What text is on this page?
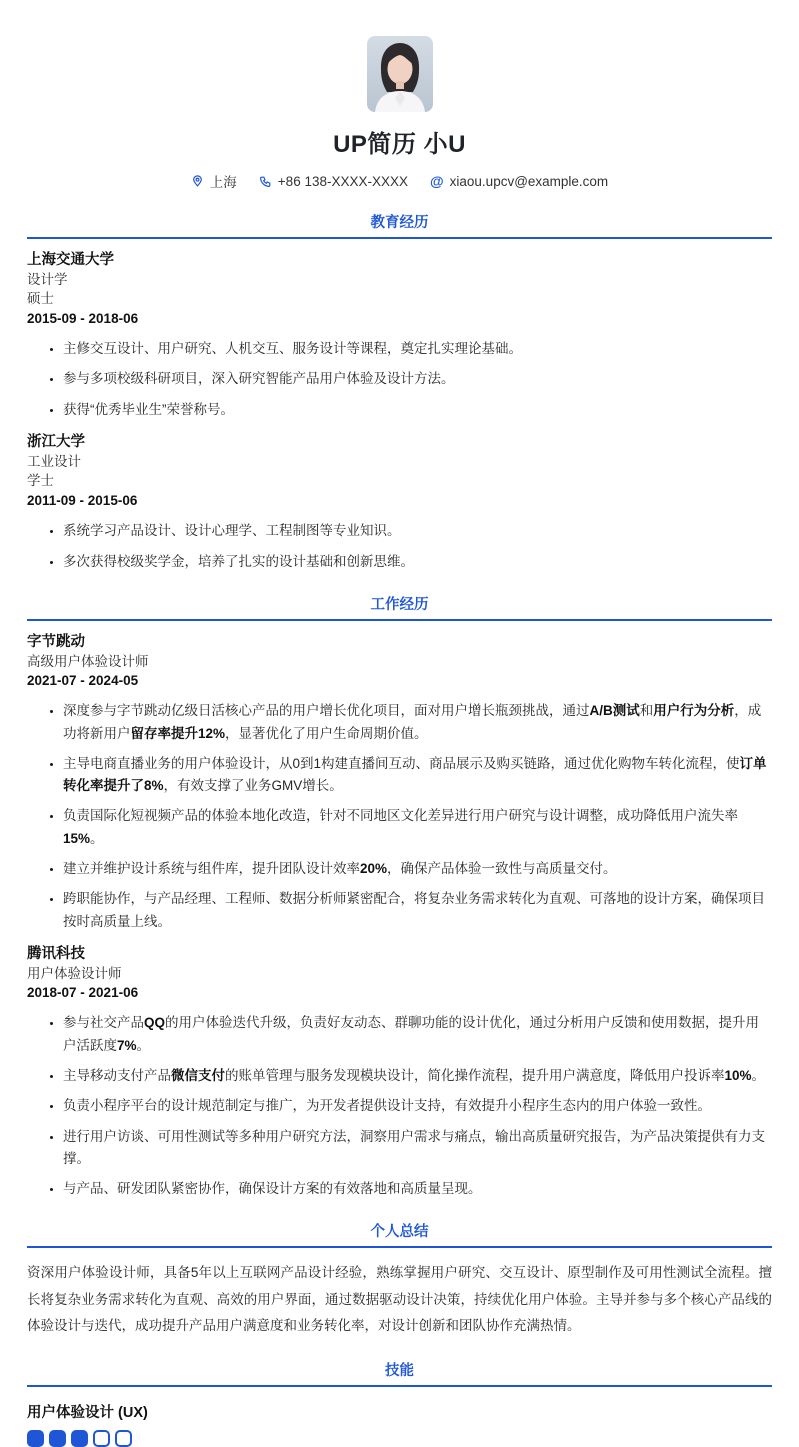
UP简历 小U
上海	+86 138-XXXX-XXXX @ xiaou.upcv@example.com
教育经历
上海交通大学
设计学
硕士
2015-09 - 2018-06
• 主修交互设计、用户研究、人机交互、服务设计等课程，奠定扎实理论基础。
• 参与多项校级科研项目，深入研究智能产品用户体验及设计方法。
• 获得“优秀毕业生”荣誉称号。
浙江大学
工业设计
学士
2011-09 - 2015-06
• 系统学习产品设计、设计心理学、工程制图等专业知识。
• 多次获得校级奖学金，培养了扎实的设计基础和创新思维。
工作经历
字节跳动
高级用户体验设计师
2021-07 - 2024-05
• 深度参与字节跳动亿级日活核心产品的用户增长优化项目，面对用户增长瓶颈挑战，通过A/B测试和用户行为分析，成功将新用户留存率提升12%，显著优化了用户生命周期价值。
• 主导电商直播业务的用户体验设计，从0到1构建直播间互动、商品展示及购买链路，通过优化购物车转化流程，使订单转化率提升了8%，有效支撑了业务GMV增长。
• 负责国际化短视频产品的体验本地化改造，针对不同地区文化差异进行用户研究与设计调整，成功降低用户流失率15%。
• 建立并维护设计系统与组件库，提升团队设计效率20%，确保产品体验一致性与高质量交付。
• 跨职能协作，与产品经理、工程师、数据分析师紧密配合，将复杂业务需求转化为直观、可落地的设计方案，确保项目按时高质量上线。
腾讯科技
用户体验设计师
2018-07 - 2021-06
• 参与社交产品QQ的用户体验迭代升级，负责好友动态、群聊功能的设计优化，通过分析用户反馈和使用数据，提升用户活跃度7%。
• 主导移动支付产品微信支付的账单管理与服务发现模块设计，简化操作流程，提升用户满意度，降低用户投诉率10%。
• 负责小程序平台的设计规范制定与推广，为开发者提供设计支持，有效提升小程序生态内的用户体验一致性。
• 进行用户访谈、可用性测试等多种用户研究方法，洞察用户需求与痛点，输出高质量研究报告，为产品决策提供有力支撑。
• 与产品、研发团队紧密协作，确保设计方案的有效落地和高质量呈现。
个人总结

资深用户体验设计师，具备5年以上互联网产品设计经验，熟练掌握用户研究、交互设计、原型制作及可用性测试全流程。擅长将复杂业务需求转化为直观、高效的用户界面，通过数据驱动设计决策，持续优化用户体验。主导并参与多个核心产品线的体验设计与迭代，成功提升产品用户满意度和业务转化率，对设计创新和团队协作充满热情。

技能
用户体验设计 (UX)
